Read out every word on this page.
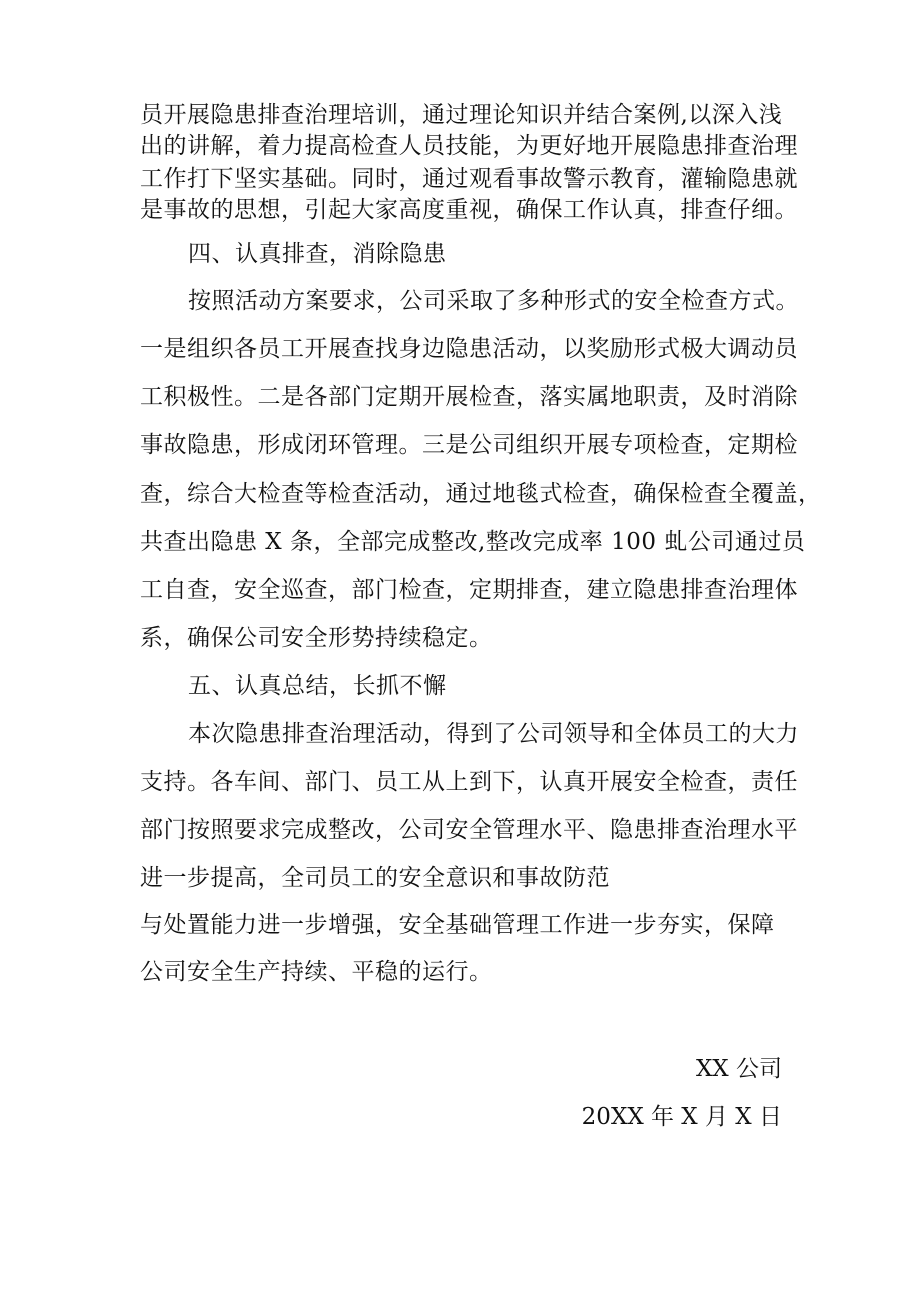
员开展隐患排查治理培训，通过理论知识并结合案例,以深入浅
出的讲解，着力提高检查人员技能，为更好地开展隐患排查治理
工作打下坚实基础。同时，通过观看事故警示教育，灌输隐患就
是事故的思想，引起大家高度重视，确保工作认真，排查仔细。
四、认真排查，消除隐患
按照活动方案要求，公司采取了多种形式的安全检查方式。
一是组织各员工开展查找身边隐患活动，以奖励形式极大调动员
工积极性。二是各部门定期开展检查，落实属地职责，及时消除
事故隐患，形成闭环管理。三是公司组织开展专项检查，定期检
查，综合大检查等检查活动，通过地毯式检查，确保检查全覆盖，
共查出隐患 X 条，全部完成整改,整改完成率 100 虬公司通过员
工自查，安全巡查，部门检查，定期排查，建立隐患排查治理体
系，确保公司安全形势持续稳定。
五、认真总结，长抓不懈
本次隐患排查治理活动，得到了公司领导和全体员工的大力
支持。各车间、部门、员工从上到下，认真开展安全检查，责任
部门按照要求完成整改，公司安全管理水平、隐患排查治理水平
进一步提高，全司员工的安全意识和事故防范
与处置能力进一步增强，安全基础管理工作进一步夯实，保障
公司安全生产持续、平稳的运行。
XX 公司
20XX 年 X 月 X 日
